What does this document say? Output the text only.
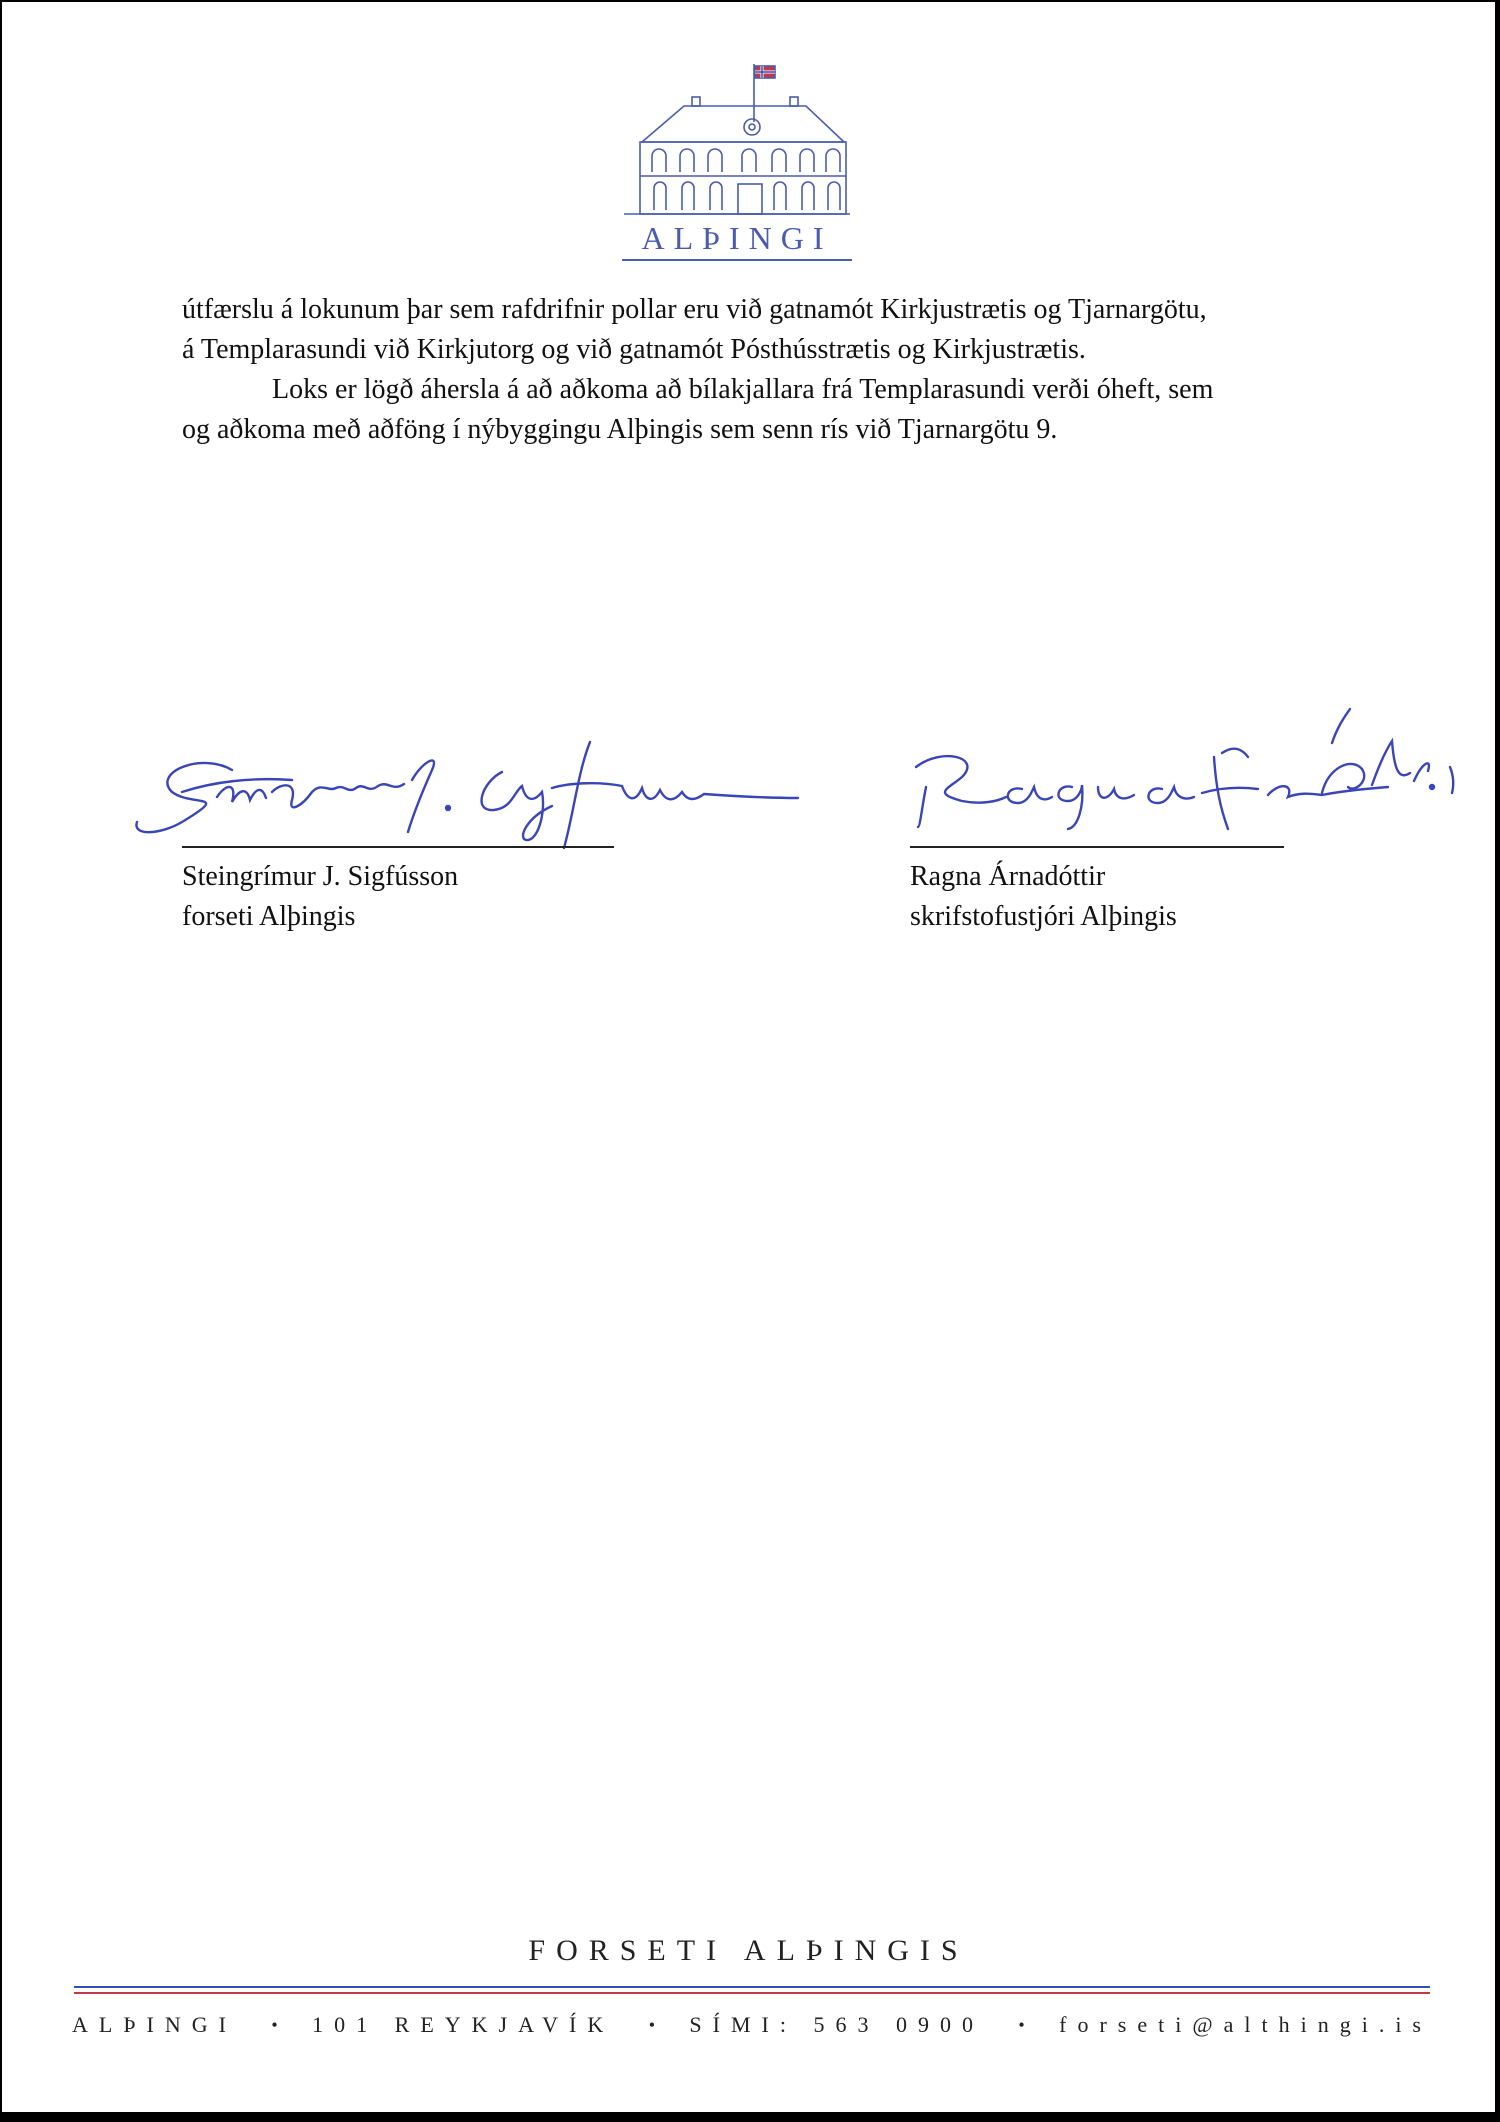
ALÞINGI

útfærslu á lokunum þar sem rafdrifnir pollar eru við gatnamót Kirkjustrætis og Tjarnargötu,

á Templarasundi við Kirkjutorg og við gatnamót Pósthússtrætis og Kirkjustrætis.

Loks er lögð áhersla á að aðkoma að bílakjallara frá Templarasundi verði óheft, sem

og aðkoma með aðföng í nýbyggingu Alþingis sem senn rís við Tjarnargötu 9.

Steingrímur J. Sigfússon
forseti Alþingis
Ragna Árnadóttir
skrifstofustjóri Alþingis
FORSETI ALÞINGIS
ALÞINGI • 101 REYKJAVÍK • SÍMI: 563 0900 • forseti@althingi.is
